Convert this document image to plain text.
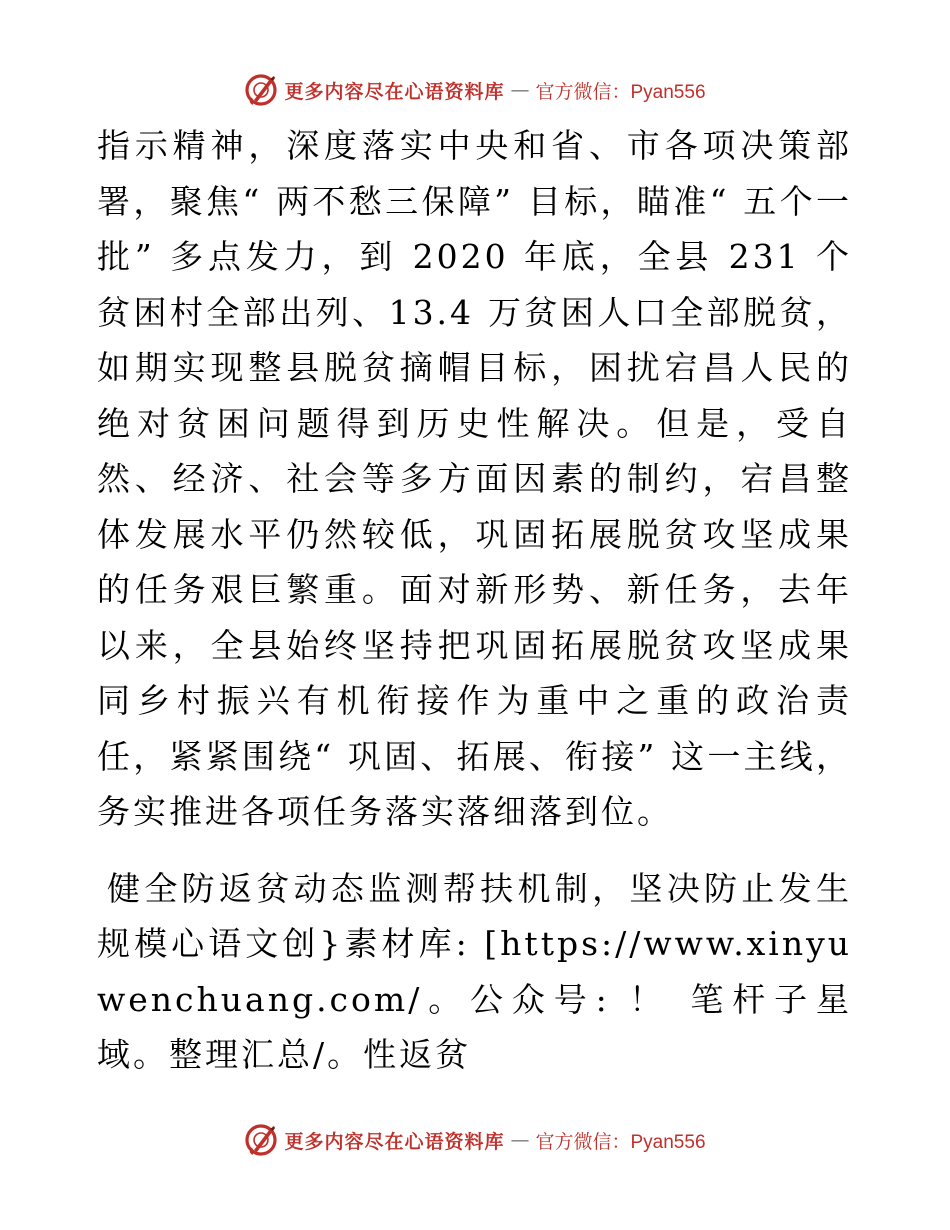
更多内容尽在心语资料库 — 官方微信：Pyan556

指示精神，深度落实中央和省、市各项决策部署，聚焦“ 两不愁三保障” 目标，瞄准“ 五个一批” 多点发力，到 2020 年底，全县 231 个贫困村全部出列、13.4 万贫困人口全部脱贫，如期实现整县脱贫摘帽目标，困扰宕昌人民的绝对贫困问题得到历史性解决。但是，受自然、经济、社会等多方面因素的制约，宕昌整体发展水平仍然较低，巩固拓展脱贫攻坚成果的任务艰巨繁重。面对新形势、新任务，去年以来，全县始终坚持把巩固拓展脱贫攻坚成果同乡村振兴有机衔接作为重中之重的政治责任，紧紧围绕“ 巩固、拓展、衔接” 这一主线，务实推进各项任务落实落细落到位。

健全防返贫动态监测帮扶机制，坚决防止发生规模心语文创}素材库: [https://www.xinyuwenchuang.com/。公众号: ！ 笔杆子星域。整理汇总/。性返贫

更多内容尽在心语资料库 — 官方微信：Pyan556
